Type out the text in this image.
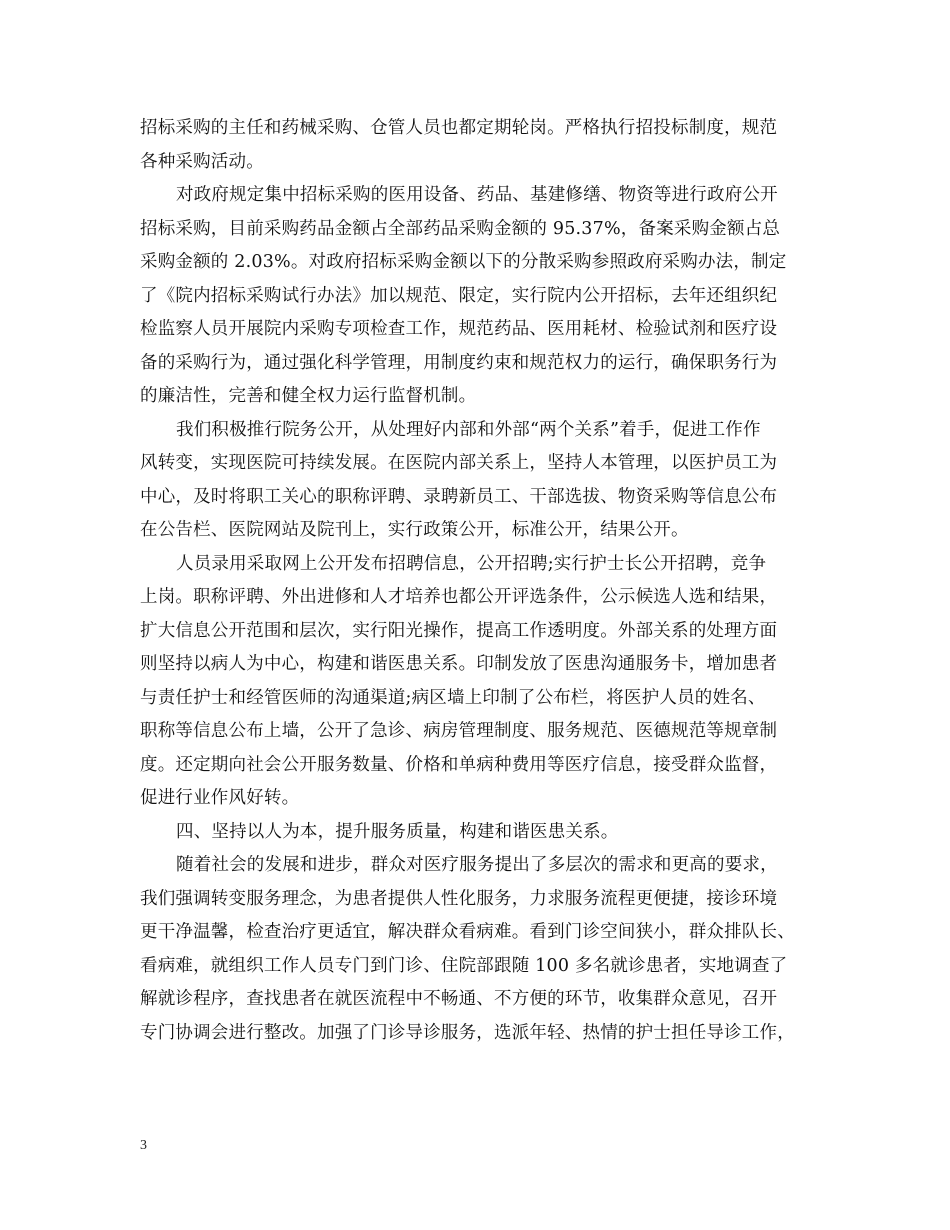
招标采购的主任和药械采购、仓管人员也都定期轮岗。严格执行招投标制度，规范
各种采购活动。
对政府规定集中招标采购的医用设备、药品、基建修缮、物资等进行政府公开
招标采购，目前采购药品金额占全部药品采购金额的 95.37%，备案采购金额占总
采购金额的 2.03%。对政府招标采购金额以下的分散采购参照政府采购办法，制定
了《院内招标采购试行办法》加以规范、限定，实行院内公开招标，去年还组织纪
检监察人员开展院内采购专项检查工作，规范药品、医用耗材、检验试剂和医疗设
备的采购行为，通过强化科学管理，用制度约束和规范权力的运行，确保职务行为
的廉洁性，完善和健全权力运行监督机制。
我们积极推行院务公开，从处理好内部和外部“两个关系”着手，促进工作作
风转变，实现医院可持续发展。在医院内部关系上，坚持人本管理，以医护员工为
中心，及时将职工关心的职称评聘、录聘新员工、干部选拔、物资采购等信息公布
在公告栏、医院网站及院刊上，实行政策公开，标准公开，结果公开。
人员录用采取网上公开发布招聘信息，公开招聘;实行护士长公开招聘，竞争
上岗。职称评聘、外出进修和人才培养也都公开评选条件，公示候选人选和结果，
扩大信息公开范围和层次，实行阳光操作，提高工作透明度。外部关系的处理方面
则坚持以病人为中心，构建和谐医患关系。印制发放了医患沟通服务卡，增加患者
与责任护士和经管医师的沟通渠道;病区墙上印制了公布栏，将医护人员的姓名、
职称等信息公布上墙，公开了急诊、病房管理制度、服务规范、医德规范等规章制
度。还定期向社会公开服务数量、价格和单病种费用等医疗信息，接受群众监督，
促进行业作风好转。
四、坚持以人为本，提升服务质量，构建和谐医患关系。
随着社会的发展和进步，群众对医疗服务提出了多层次的需求和更高的要求，
我们强调转变服务理念，为患者提供人性化服务，力求服务流程更便捷，接诊环境
更干净温馨，检查治疗更适宜，解决群众看病难。看到门诊空间狭小，群众排队长、
看病难，就组织工作人员专门到门诊、住院部跟随 100 多名就诊患者，实地调查了
解就诊程序，查找患者在就医流程中不畅通、不方便的环节，收集群众意见，召开
专门协调会进行整改。加强了门诊导诊服务，选派年轻、热情的护士担任导诊工作，
3
